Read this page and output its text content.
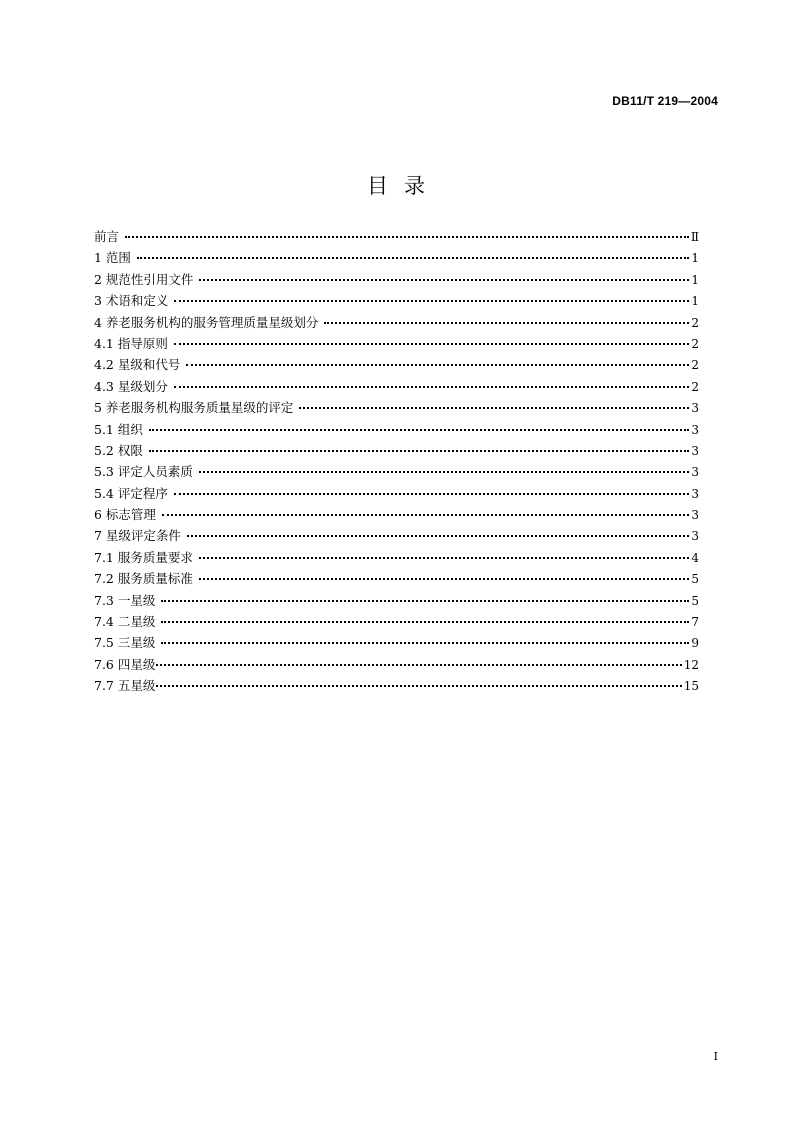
DB11/T 219—2004
目录
前言	Ⅱ
1 范围	1
2 规范性引用文件	1
3 术语和定义	1
4 养老服务机构的服务管理质量星级划分	2
4.1 指导原则	2
4.2 星级和代号	2
4.3 星级划分	2
5 养老服务机构服务质量星级的评定	3
5.1 组织	3
5.2 权限	3
5.3 评定人员素质	3
5.4 评定程序	3
6 标志管理	3
7 星级评定条件	3
7.1 服务质量要求	4
7.2 服务质量标准	5
7.3 一星级	5
7.4 二星级	7
7.5 三星级	9
7.6 四星级	12
7.7 五星级	15
I
